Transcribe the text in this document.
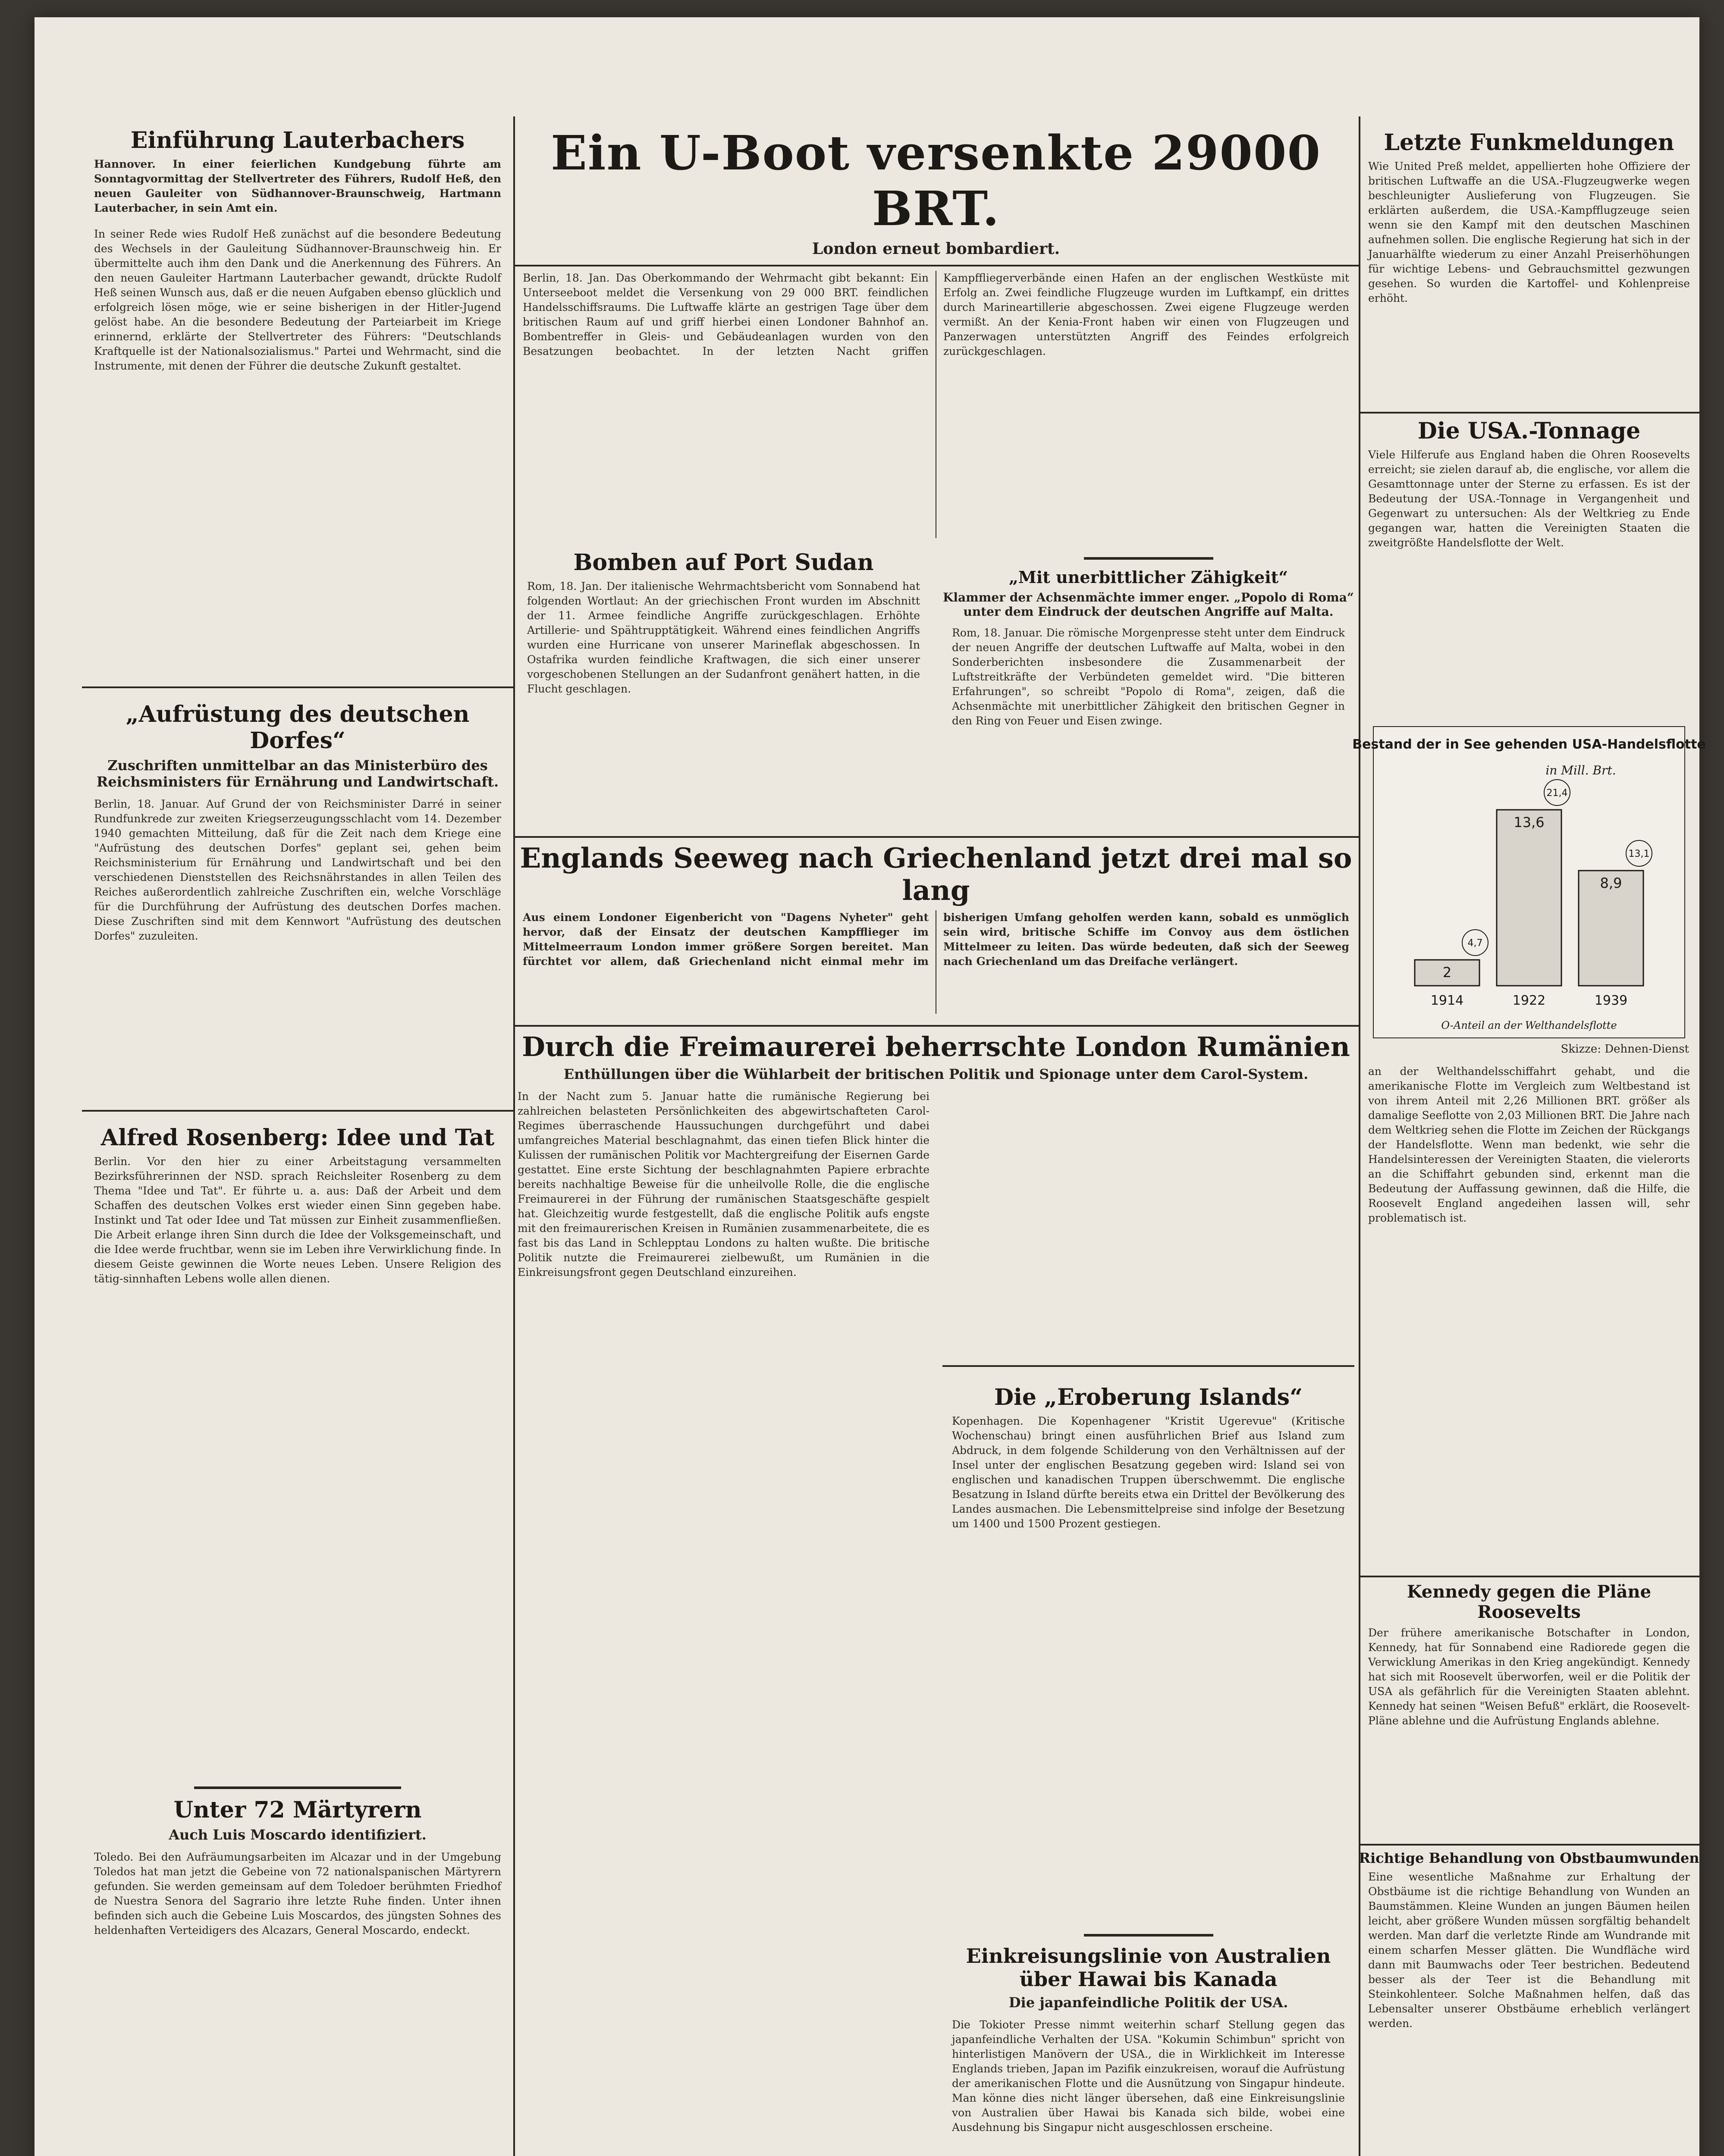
Einführung Lauterbachers

Hannover. In einer feierlichen Kundgebung führte am Sonntagvormittag der Stellvertreter des Führers, Rudolf Heß, den neuen Gauleiter von Südhannover-Braunschweig, Hartmann Lauterbacher, in sein Amt ein.

In seiner Rede wies Rudolf Heß zunächst auf die besondere Bedeutung des Wechsels in der Gauleitung Südhannover-Braunschweig hin. Er übermittelte auch ihm den Dank und die Anerkennung des Führers. An den neuen Gauleiter Hartmann Lauterbacher gewandt, drückte Rudolf Heß seinen Wunsch aus, daß er die neuen Aufgaben ebenso glücklich und erfolgreich lösen möge, wie er seine bisherigen in der Hitler-Jugend gelöst habe. An die besondere Bedeutung der Parteiarbeit im Kriege erinnernd, erklärte der Stellvertreter des Führers: "Deutschlands Kraftquelle ist der Nationalsozialismus." Partei und Wehrmacht, sind die Instrumente, mit denen der Führer die deutsche Zukunft gestaltet.

„Aufrüstung des deutschen Dorfes“

Zuschriften unmittelbar an das Ministerbüro des Reichsministers für Ernährung und Landwirtschaft.

Berlin, 18. Januar. Auf Grund der von Reichsminister Darré in seiner Rundfunkrede zur zweiten Kriegserzeugungsschlacht vom 14. Dezember 1940 gemachten Mitteilung, daß für die Zeit nach dem Kriege eine "Aufrüstung des deutschen Dorfes" geplant sei, gehen beim Reichsministerium für Ernährung und Landwirtschaft und bei den verschiedenen Dienststellen des Reichsnährstandes in allen Teilen des Reiches außerordentlich zahlreiche Zuschriften ein, welche Vorschläge für die Durchführung der Aufrüstung des deutschen Dorfes machen. Diese Zuschriften sind mit dem Kennwort "Aufrüstung des deutschen Dorfes" zuzuleiten.

Alfred Rosenberg: Idee und Tat

Berlin. Vor den hier zu einer Arbeitstagung versammelten Bezirksführerinnen der NSD. sprach Reichsleiter Rosenberg zu dem Thema "Idee und Tat". Er führte u. a. aus: Daß der Arbeit und dem Schaffen des deutschen Volkes erst wieder einen Sinn gegeben habe. Instinkt und Tat oder Idee und Tat müssen zur Einheit zusammenfließen. Die Arbeit erlange ihren Sinn durch die Idee der Volksgemeinschaft, und die Idee werde fruchtbar, wenn sie im Leben ihre Verwirklichung finde. In diesem Geiste gewinnen die Worte neues Leben. Unsere Religion des tätig-sinnhaften Lebens wolle allen dienen.

Unter 72 Märtyrern

Auch Luis Moscardo identifiziert.

Toledo. Bei den Aufräumungsarbeiten im Alcazar und in der Umgebung Toledos hat man jetzt die Gebeine von 72 nationalspanischen Märtyrern gefunden. Sie werden gemeinsam auf dem Toledoer berühmten Friedhof de Nuestra Senora del Sagrario ihre letzte Ruhe finden. Unter ihnen befinden sich auch die Gebeine Luis Moscardos, des jüngsten Sohnes des heldenhaften Verteidigers des Alcazars, General Moscardo, endeckt.

Ein U-Boot versenkte 29000 BRT.

London erneut bombardiert.

Berlin, 18. Jan. Das Oberkommando der Wehrmacht gibt bekannt: Ein Unterseeboot meldet die Versenkung von 29 000 BRT. feindlichen Handelsschiffsraums. Die Luftwaffe klärte an gestrigen Tage über dem britischen Raum auf und griff hierbei einen Londoner Bahnhof an. Bombentreffer in Gleis- und Gebäudeanlagen wurden von den Besatzungen beobachtet. In der letzten Nacht griffen Kampffliegerverbände einen Hafen an der englischen Westküste mit Erfolg an. Zwei feindliche Flugzeuge wurden im Luftkampf, ein drittes durch Marineartillerie abgeschossen. Zwei eigene Flugzeuge werden vermißt. An der Kenia-Front haben wir einen von Flugzeugen und Panzerwagen unterstützten Angriff des Feindes erfolgreich zurückgeschlagen.

Bomben auf Port Sudan

Rom, 18. Jan. Der italienische Wehrmachtsbericht vom Sonnabend hat folgenden Wortlaut: An der griechischen Front wurden im Abschnitt der 11. Armee feindliche Angriffe zurückgeschlagen. Erhöhte Artillerie- und Spähtrupptätigkeit. Während eines feindlichen Angriffs wurden eine Hurricane von unserer Marineflak abgeschossen. In Ostafrika wurden feindliche Kraftwagen, die sich einer unserer vorgeschobenen Stellungen an der Sudanfront genähert hatten, in die Flucht geschlagen.

„Mit unerbittlicher Zähigkeit“

Klammer der Achsenmächte immer enger. „Popolo di Roma“ unter dem Eindruck der deutschen Angriffe auf Malta.

Rom, 18. Januar. Die römische Morgenpresse steht unter dem Eindruck der neuen Angriffe der deutschen Luftwaffe auf Malta, wobei in den Sonderberichten insbesondere die Zusammenarbeit der Luftstreitkräfte der Verbündeten gemeldet wird. "Die bitteren Erfahrungen", so schreibt "Popolo di Roma", zeigen, daß die Achsenmächte mit unerbittlicher Zähigkeit den britischen Gegner in den Ring von Feuer und Eisen zwinge.

Englands Seeweg nach Griechenland jetzt drei mal so lang

Aus einem Londoner Eigenbericht von "Dagens Nyheter" geht hervor, daß der Einsatz der deutschen Kampfflieger im Mittelmeerraum London immer größere Sorgen bereitet. Man fürchtet vor allem, daß Griechenland nicht einmal mehr im bisherigen Umfang geholfen werden kann, sobald es unmöglich sein wird, britische Schiffe im Convoy aus dem östlichen Mittelmeer zu leiten. Das würde bedeuten, daß sich der Seeweg nach Griechenland um das Dreifache verlängert.

Durch die Freimaurerei beherrschte London Rumänien

Enthüllungen über die Wühlarbeit der britischen Politik und Spionage unter dem Carol-System.

In der Nacht zum 5. Januar hatte die rumänische Regierung bei zahlreichen belasteten Persönlichkeiten des abgewirtschafteten Carol-Regimes überraschende Haussuchungen durchgeführt und dabei umfangreiches Material beschlagnahmt, das einen tiefen Blick hinter die Kulissen der rumänischen Politik vor Machtergreifung der Eisernen Garde gestattet. Eine erste Sichtung der beschlagnahmten Papiere erbrachte bereits nachhaltige Beweise für die unheilvolle Rolle, die die englische Freimaurerei in der Führung der rumänischen Staatsgeschäfte gespielt hat. Gleichzeitig wurde festgestellt, daß die englische Politik aufs engste mit den freimaurerischen Kreisen in Rumänien zusammenarbeitete, die es fast bis das Land in Schlepptau Londons zu halten wußte. Die britische Politik nutzte die Freimaurerei zielbewußt, um Rumänien in die Einkreisungsfront gegen Deutschland einzureihen.

Die „Eroberung Islands“

Kopenhagen. Die Kopenhagener "Kristit Ugerevue" (Kritische Wochenschau) bringt einen ausführlichen Brief aus Island zum Abdruck, in dem folgende Schilderung von den Verhältnissen auf der Insel unter der englischen Besatzung gegeben wird: Island sei von englischen und kanadischen Truppen überschwemmt. Die englische Besatzung in Island dürfte bereits etwa ein Drittel der Bevölkerung des Landes ausmachen. Die Lebensmittelpreise sind infolge der Besetzung um 1400 und 1500 Prozent gestiegen.

Einkreisungslinie von Australien über Hawai bis Kanada

Die japanfeindliche Politik der USA.

Die Tokioter Presse nimmt weiterhin scharf Stellung gegen das japanfeindliche Verhalten der USA. "Kokumin Schimbun" spricht von hinterlistigen Manövern der USA., die in Wirklichkeit im Interesse Englands trieben, Japan im Pazifik einzukreisen, worauf die Aufrüstung der amerikanischen Flotte und die Ausnützung von Singapur hindeute. Man könne dies nicht länger übersehen, daß eine Einkreisungslinie von Australien über Hawai bis Kanada sich bilde, wobei eine Ausdehnung bis Singapur nicht ausgeschlossen erscheine.

Letzte Funkmeldungen

Wie United Preß meldet, appellierten hohe Offiziere der britischen Luftwaffe an die USA.-Flugzeugwerke wegen beschleunigter Auslieferung von Flugzeugen. Sie erklärten außerdem, die USA.-Kampfflugzeuge seien wenn sie den Kampf mit den deutschen Maschinen aufnehmen sollen. Die englische Regierung hat sich in der Januarhälfte wiederum zu einer Anzahl Preiserhöhungen für wichtige Lebens- und Gebrauchsmittel gezwungen gesehen. So wurden die Kartoffel- und Kohlenpreise erhöht.

Die USA.-Tonnage

Viele Hilferufe aus England haben die Ohren Roosevelts erreicht; sie zielen darauf ab, die englische, vor allem die Gesamttonnage unter der Sterne zu erfassen. Es ist der Bedeutung der USA.-Tonnage in Vergangenheit und Gegenwart zu untersuchen: Als der Weltkrieg zu Ende gegangen war, hatten die Vereinigten Staaten die zweitgrößte Handelsflotte der Welt.

Bestand der in See gehenden USA-Handelsflotte
in Mill. Brt.
2
1914
4,7
13,6
1922
21,4
8,9
1939
13,1
O-Anteil an der Welthandelsflotte

Skizze: Dehnen-Dienst

an der Welthandelsschiffahrt gehabt, und die amerikanische Flotte im Vergleich zum Weltbestand ist von ihrem Anteil mit 2,26 Millionen BRT. größer als damalige Seeflotte von 2,03 Millionen BRT. Die Jahre nach dem Weltkrieg sehen die Flotte im Zeichen der Rückgangs der Handelsflotte. Wenn man bedenkt, wie sehr die Handelsinteressen der Vereinigten Staaten, die vielerorts an die Schiffahrt gebunden sind, erkennt man die Bedeutung der Auffassung gewinnen, daß die Hilfe, die Roosevelt England angedeihen lassen will, sehr problematisch ist.

Kennedy gegen die Pläne Roosevelts

Der frühere amerikanische Botschafter in London, Kennedy, hat für Sonnabend eine Radiorede gegen die Verwicklung Amerikas in den Krieg angekündigt. Kennedy hat sich mit Roosevelt überworfen, weil er die Politik der USA als gefährlich für die Vereinigten Staaten ablehnt. Kennedy hat seinen "Weisen Befuß" erklärt, die Roosevelt-Pläne ablehne und die Aufrüstung Englands ablehne.

Richtige Behandlung von Obstbaumwunden

Eine wesentliche Maßnahme zur Erhaltung der Obstbäume ist die richtige Behandlung von Wunden an Baumstämmen. Kleine Wunden an jungen Bäumen heilen leicht, aber größere Wunden müssen sorgfältig behandelt werden. Man darf die verletzte Rinde am Wundrande mit einem scharfen Messer glätten. Die Wundfläche wird dann mit Baumwachs oder Teer bestrichen. Bedeutend besser als der Teer ist die Behandlung mit Steinkohlenteer. Solche Maßnahmen helfen, daß das Lebensalter unserer Obstbäume erheblich verlängert werden.
